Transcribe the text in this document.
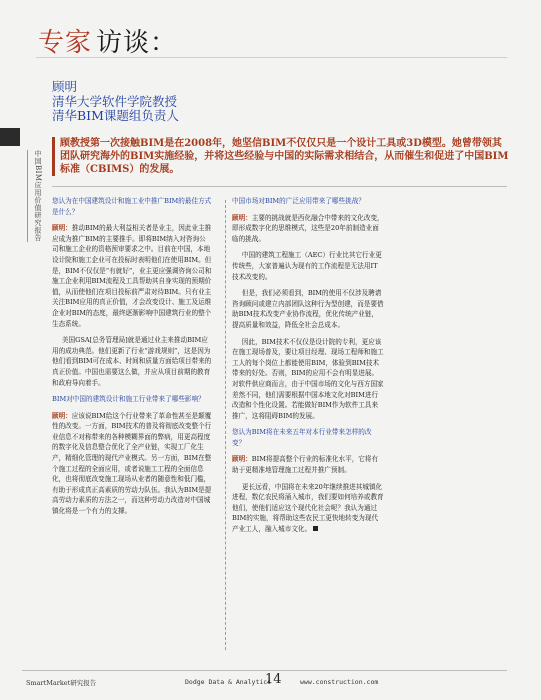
专家 访谈：
顾明
清华大学软件学院教授
清华BIM课题组负责人
中国BIM应用价值研究报告
顾教授第一次接触BIM是在2008年，她坚信BIM不仅仅只是一个设计工具或3D模型。她曾带领其团队研究海外的BIM实施经验，并将这些经验与中国的实际需求相结合，从而催生和促进了中国BIM标准（CBIMS）的发展。

您认为在中国建筑设计和施工业中推广BIM的最佳方式是什么？

顾明：推动BIM的最大利益相关者是业主，因此业主推应成为推广BIM的主要推手。即将BIM纳入对咨询公司和施工企业的资格预审要求之中。目前在中国，本地设计院和施工企业可在投标时表明他们在使用BIM。但是，BIM不仅仅是“有就好”，业主更应强调咨询公司和施工企业利用BIM流程及工具帮助其自身实现的预期价值，从而使他们在项目投标前严肃对待BIM。只有业主关注BIM应用的真正价值，才会改变设计、施工及运维企业对BIM的态度，最终逐渐影响中国建筑行业的整个生态系统。

美国GSA[总务管理局]就是通过业主来推动BIM应用的成功典范。他们更新了行业“游戏规则”，这是因为他们看到BIM可在成本、时间和质量方面给项目带来的真正价值。中国也需要这么做，并应从项目前期的教育和政府导向着手。

BIM对中国的建筑设计和施工行业带来了哪些影响？

顾明：应该说BIM给这个行业带来了革命性甚至是颠覆性的改变。一方面，BIM技术的普及将彻底改变整个行业信息不对称带来的各种模糊界面的弊病，用更高程度的数字化及信息整合优化了全产业链，实现工厂化生产，精细化管理的现代产业模式。另一方面，BIM在整个施工过程的全面应用，或者说施工工程的全面信息化，也将彻底改变施工现场从业者的随意性和低门槛，有助于形成真正高素质的劳动力队伍。我认为BIM是提高劳动力素质的方法之一，而这种劳动力改造对中国城镇化将是一个有力的支撑。

中国市场对BIM的广泛应用带来了哪些挑战？

顾明：主要的挑战就是西化融合中带来的文化改变，即形成数字化的思维模式，这些是20年前制造业面临的挑战。

中国的建筑工程施工（AEC）行业比其它行业更传统些，大家普遍认为现有的工作流程是无法用IT技术改变的。

但是，我们必须看到，BIM的使用不仅涉及聘请咨询顾问或建立内部团队这种行为型创建，而是要借助BIM技术改变产业协作流程，优化传统产业链，提高质量和效益，降低全社会总成本。

因此，BIM技术不仅仅是设计院的专利，更应该在施工现场普及，要让项目经理、现场工程师和施工工人的每个岗位上都能使用BIM，体验到BIM技术带来的好处。否则，BIM的应用不会有明显进展。对软件供应商而言，由于中国市场的文化与西方国家差然不同，他们需要根据中国本地文化对BIM进行改造和个性化设置。若能做好BIM作为软件工具来推广，这将阻碍BIM的发展。

您认为BIM将在未来五年对本行业带来怎样的改变？

顾明：BIM将提高整个行业的标准化水平，它将有助于更精准地管理施工过程并推广预制。

更长远看，中国将在未来20年继续推进其城镇化进程，数亿农民将涌入城市，我们要如何培养或教育他们，使他们适应这个现代化社会呢？我认为通过BIM的实施，将帮助这些农民工更快地转变为现代产业工人，融入城市文化。

SmartMarket研究报告	Dodge Data & Analytics
14	www.construction.com
